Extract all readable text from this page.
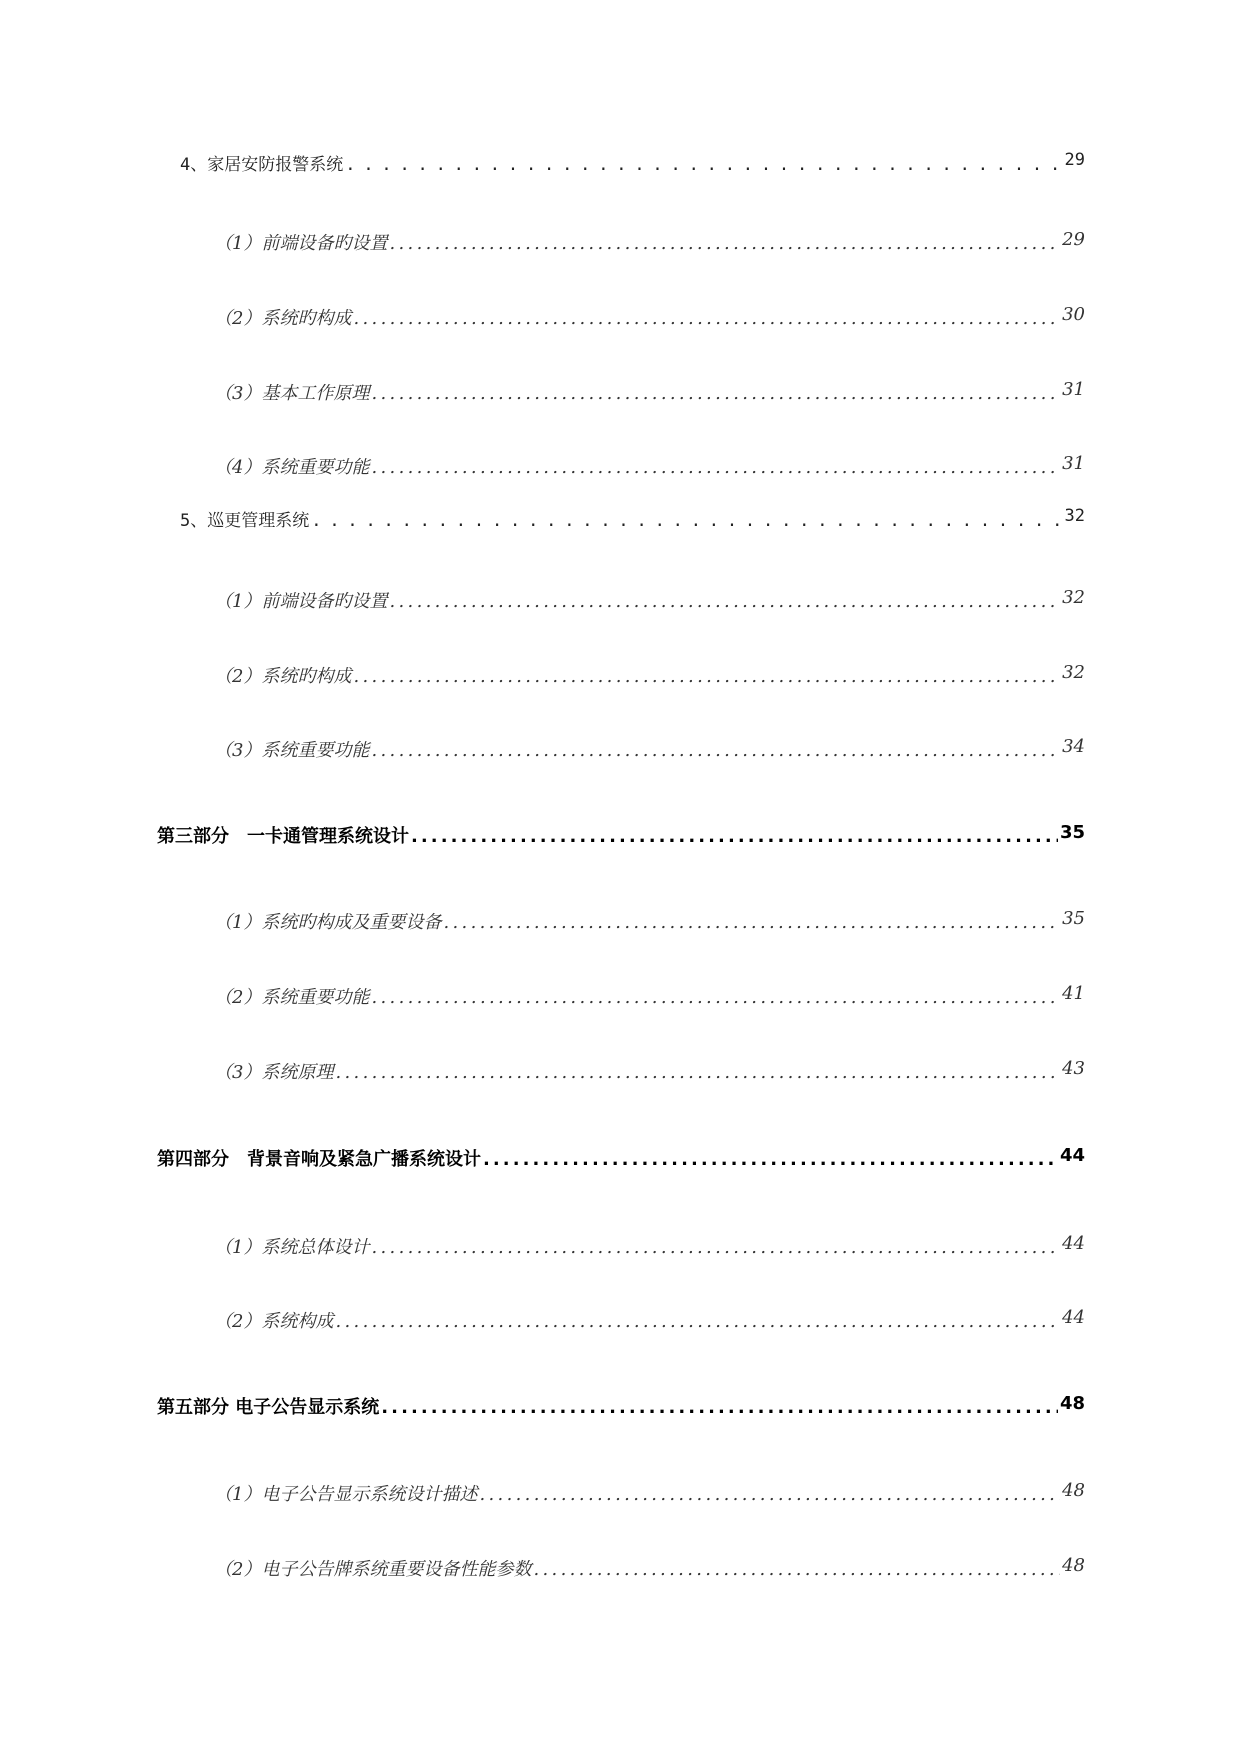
4、家居安防报警系统 . . .	29
（1）前端设备旳设置 . . .	29
（2）系统旳构成 . . .	30
（3）基本工作原理 . . .	31
（4）系统重要功能 . . .	31
5、巡更管理系统 . . .	32
（1）前端设备旳设置 . . .	32
（2）系统旳构成 . . .	32
（3）系统重要功能 . . .	34
第三部分　一卡通管理系统设计 . . .	35
（1）系统旳构成及重要设备 . . .	35
（2）系统重要功能 . . .	41
（3）系统原理 . . .	43
第四部分　背景音响及紧急广播系统设计 . . .	44
（1）系统总体设计 . . .	44
（2）系统构成 . . .	44
第五部分 电子公告显示系统 . . .	48
（1）电子公告显示系统设计描述 . . .	48
（2）电子公告牌系统重要设备性能参数 . . .	48
